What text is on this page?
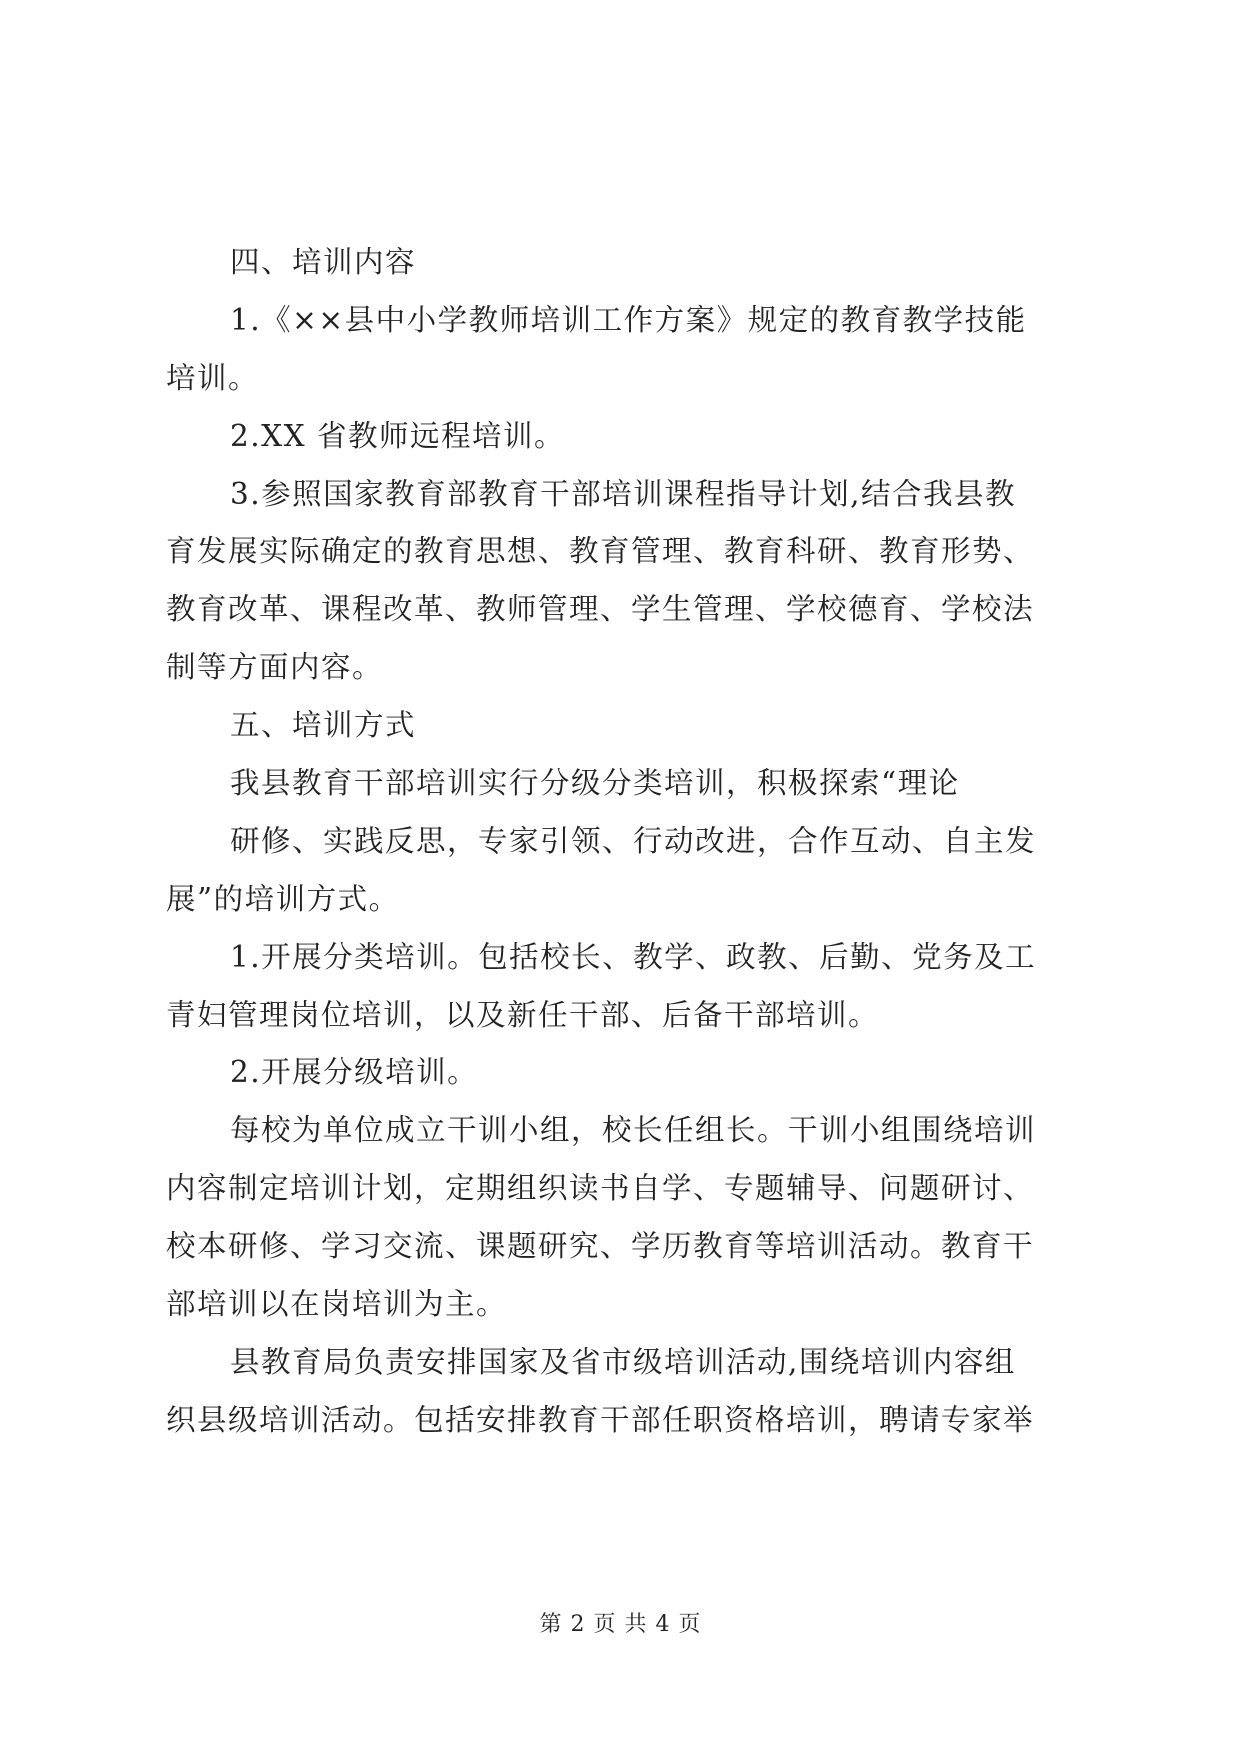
四、培训内容
1.《××县中小学教师培训工作方案》规定的教育教学技能
培训。
2.XX 省教师远程培训。
3.参照国家教育部教育干部培训课程指导计划,结合我县教
育发展实际确定的教育思想、教育管理、教育科研、教育形势、
教育改革、课程改革、教师管理、学生管理、学校德育、学校法
制等方面内容。
五、培训方式
我县教育干部培训实行分级分类培训，积极探索“理论
研修、实践反思，专家引领、行动改进，合作互动、自主发
展”的培训方式。
1.开展分类培训。包括校长、教学、政教、后勤、党务及工
青妇管理岗位培训，以及新任干部、后备干部培训。
2.开展分级培训。
每校为单位成立干训小组，校长任组长。干训小组围绕培训
内容制定培训计划，定期组织读书自学、专题辅导、问题研讨、
校本研修、学习交流、课题研究、学历教育等培训活动。教育干
部培训以在岗培训为主。
县教育局负责安排国家及省市级培训活动,围绕培训内容组
织县级培训活动。包括安排教育干部任职资格培训，聘请专家举
第 2 页 共 4 页
